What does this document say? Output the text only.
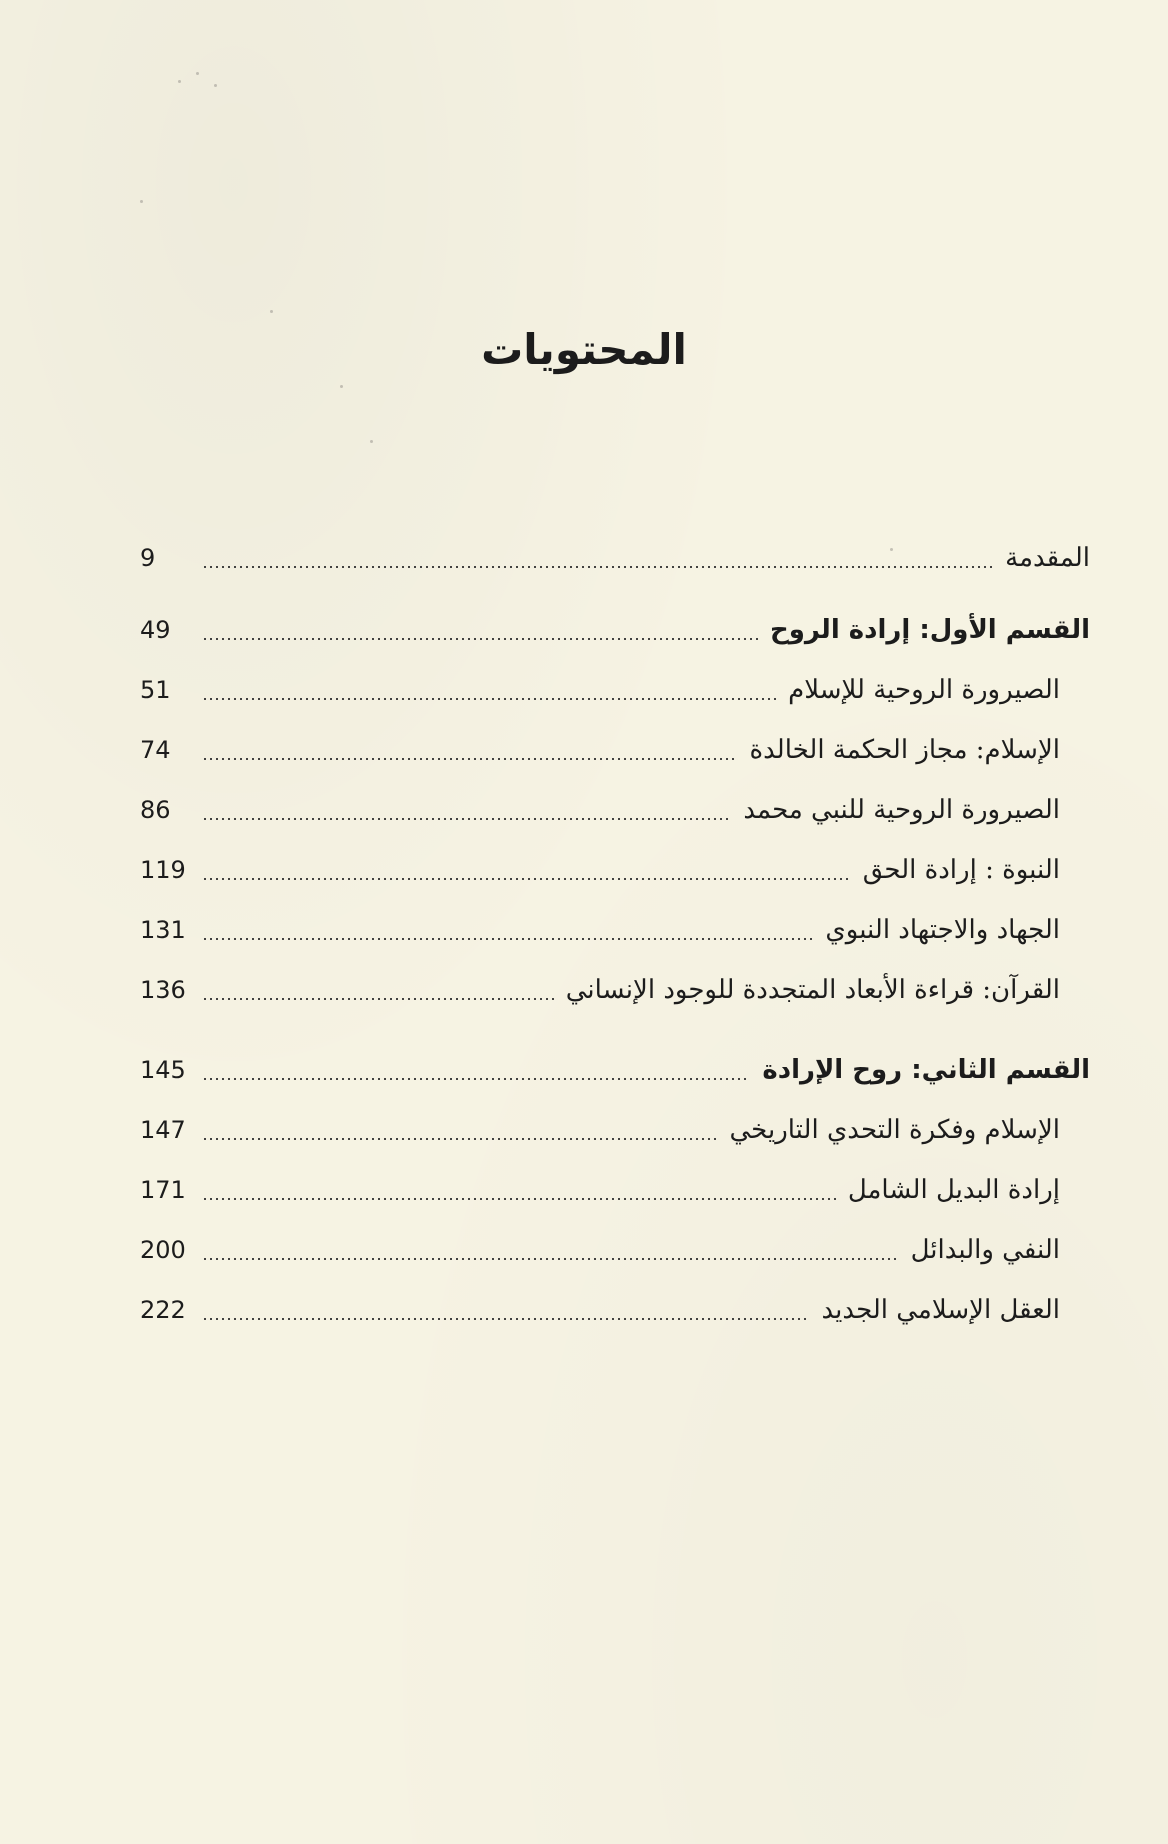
المحتويات
المقدمة
9
القسم الأول: إرادة الروح
49
الصيرورة الروحية للإسلام
51
الإسلام: مجاز الحكمة الخالدة
74
الصيرورة الروحية للنبي محمد
86
النبوة : إرادة الحق
119
الجهاد والاجتهاد النبوي
131
القرآن: قراءة الأبعاد المتجددة للوجود الإنساني
136
القسم الثاني: روح الإرادة
145
الإسلام وفكرة التحدي التاريخي
147
إرادة البديل الشامل
171
النفي والبدائل
200
العقل الإسلامي الجديد
222
